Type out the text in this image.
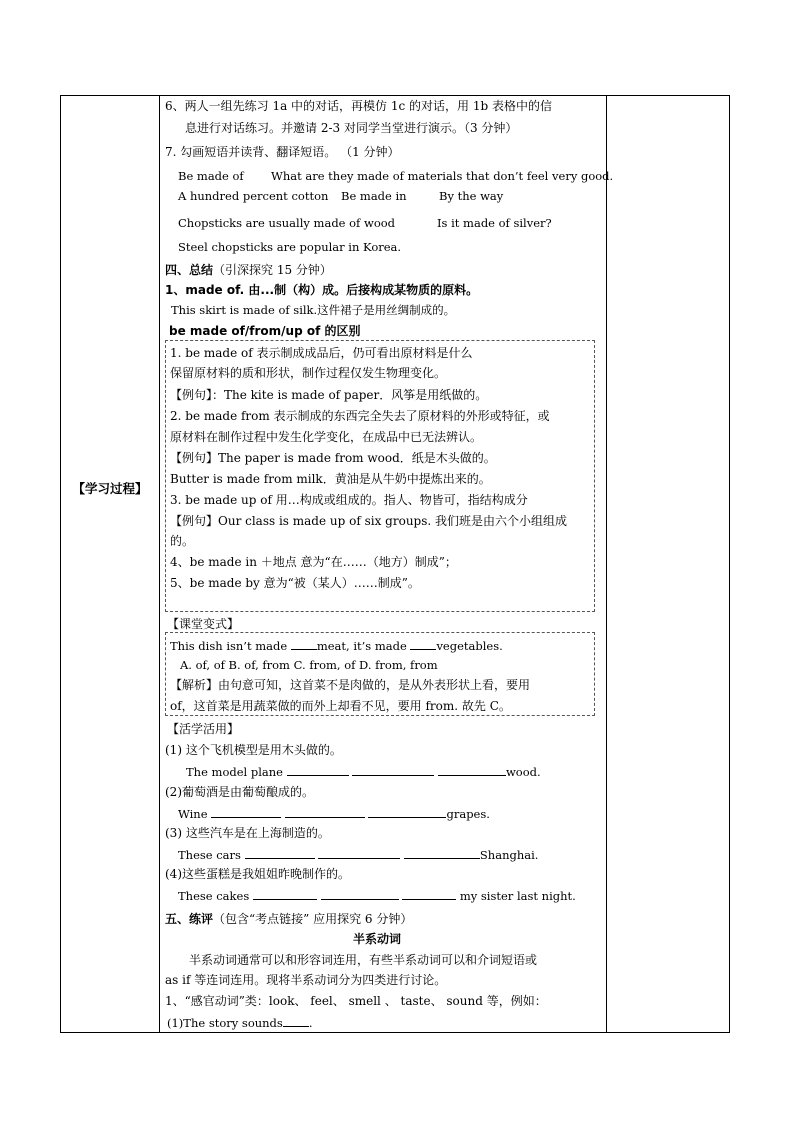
【学习过程】
6、两人一组先练习 1a 中的对话，再模仿 1c 的对话，用 1b 表格中的信
息进行对话练习。并邀请 2-3 对同学当堂进行演示。（3 分钟）
7. 勾画短语并读背、翻译短语。 （1 分钟）
Be made of	What are they made of materials that don’t feel very good.
A hundred percent cotton	Be made in	By the way
Chopsticks are usually made of wood	Is it made of silver?
Steel chopsticks are popular in Korea.
四、总结（引深探究 15 分钟）
1、made of. 由...制（构）成。后接构成某物质的原料。
This skirt is made of silk.这件裙子是用丝绸制成的。
be made of/from/up of 的区别
1. be made of 表示制成成品后，仍可看出原材料是什么
保留原材料的质和形状，制作过程仅发生物理变化。
【例句】：The kite is made of paper．风筝是用纸做的。
2. be made from 表示制成的东西完全失去了原材料的外形或特征，或
原材料在制作过程中发生化学变化，在成品中已无法辨认。
【例句】The paper is made from wood．纸是木头做的。
Butter is made from milk．黄油是从牛奶中提炼出来的。
3. be made up of 用…构成或组成的。指人、物皆可，指结构成分
【例句】Our class is made up of six groups. 我们班是由六个小组组成
的。
4、be made in ＋地点 意为“在……（地方）制成”；
5、be made by 意为“被（某人）……制成”。
【课堂变式】
This dish isn’t made meat, it’s made vegetables.
A. of, of B. of, from C. from, of D. from, from
【解析】由句意可知，这首菜不是肉做的，是从外表形状上看，要用
of，这首菜是用蔬菜做的而外上却看不见，要用 from. 故先 C。
【活学活用】
(1) 这个飞机模型是用木头做的。
The model plane	wood.
(2)葡萄酒是由葡萄酿成的。
Wine	grapes.
(3) 这些汽车是在上海制造的。
These cars	Shanghai.
(4)这些蛋糕是我姐姐昨晚制作的。
These cakes	my sister last night.
五、练评（包含“考点链接” 应用探究 6 分钟）
半系动词
半系动词通常可以和形容词连用，有些半系动词可以和介词短语或
as if 等连词连用。现将半系动词分为四类进行讨论。
1、“感官动词”类：look、 feel、 smell 、 taste、 sound 等，例如：
(1)The story sounds .
